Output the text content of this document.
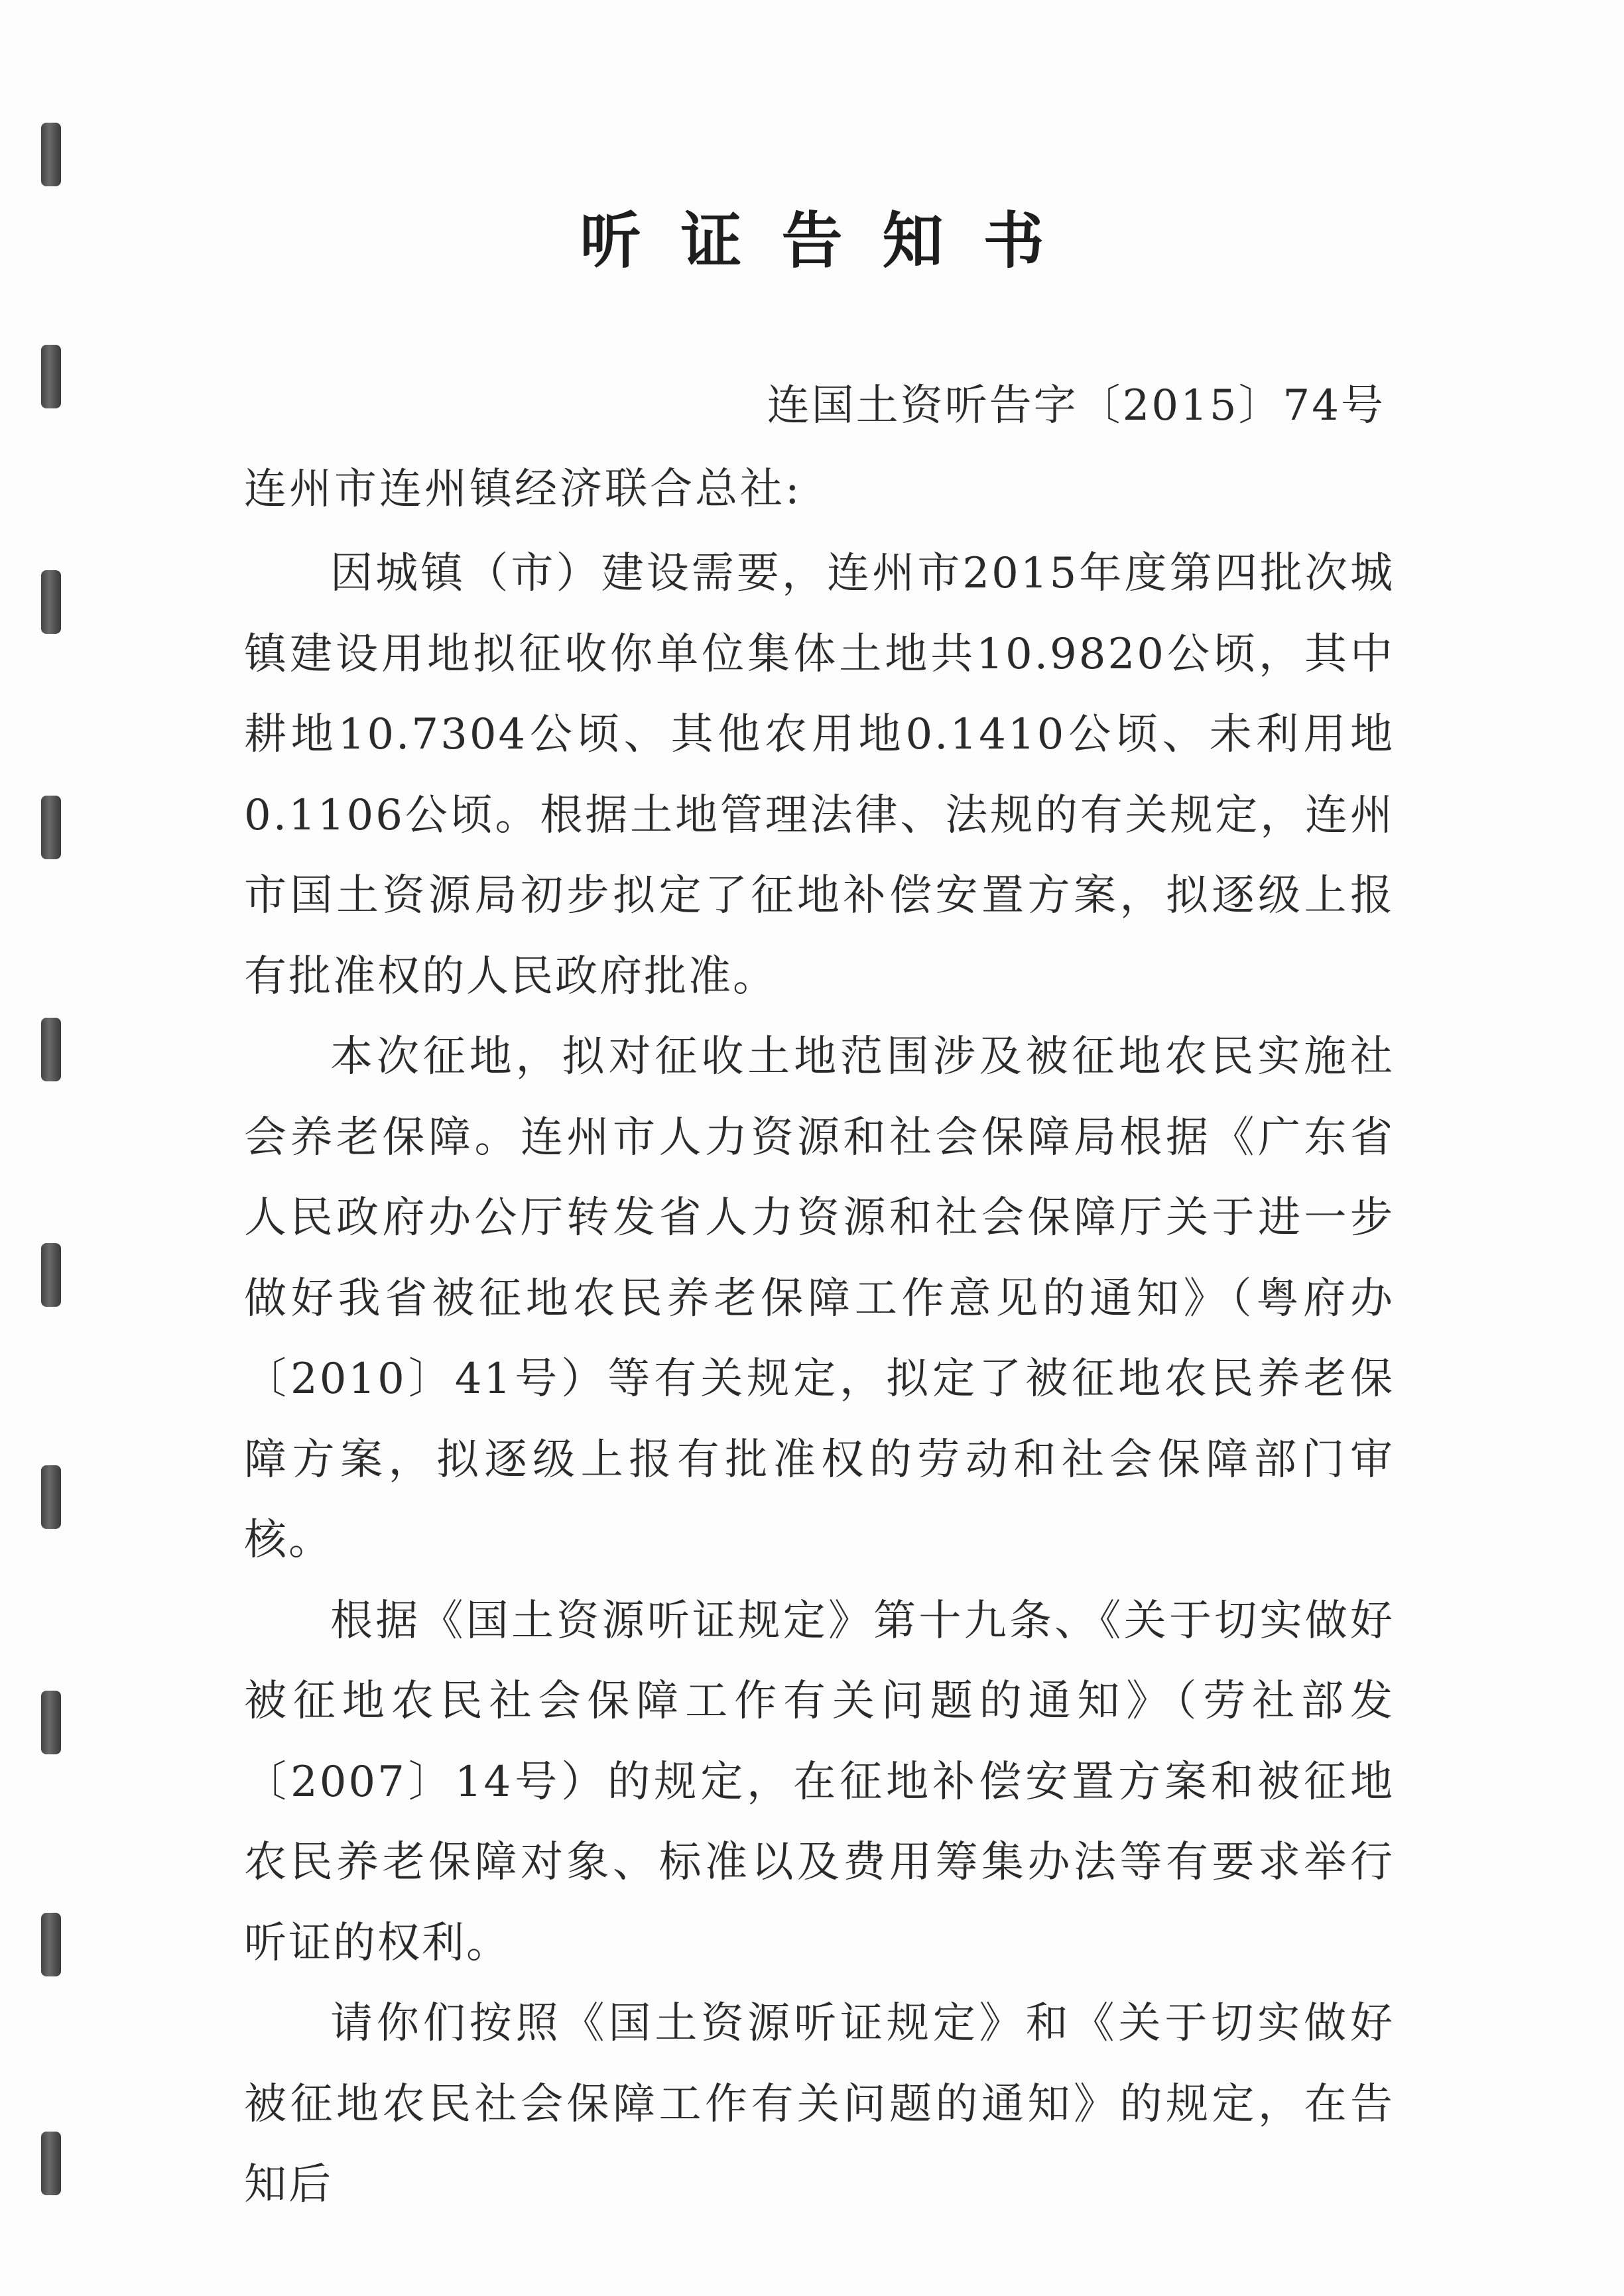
听证告知书
连国土资听告字〔2015〕74号
连州市连州镇经济联合总社:

因城镇（市）建设需要，连州市2015年度第四批次城镇建设用地拟征收你单位集体土地共10.9820公顷，其中耕地10.7304公顷、其他农用地0.1410公顷、未利用地0.1106公顷。根据土地管理法律、法规的有关规定，连州市国土资源局初步拟定了征地补偿安置方案，拟逐级上报有批准权的人民政府批准。

本次征地，拟对征收土地范围涉及被征地农民实施社会养老保障。连州市人力资源和社会保障局根据《广东省人民政府办公厅转发省人力资源和社会保障厅关于进一步做好我省被征地农民养老保障工作意见的通知》（粤府办〔2010〕41号）等有关规定，拟定了被征地农民养老保障方案，拟逐级上报有批准权的劳动和社会保障部门审核。

根据《国土资源听证规定》第十九条、《关于切实做好被征地农民社会保障工作有关问题的通知》（劳社部发〔2007〕14号）的规定，在征地补偿安置方案和被征地农民养老保障对象、标准以及费用筹集办法等有要求举行听证的权利。

请你们按照《国土资源听证规定》和《关于切实做好被征地农民社会保障工作有关问题的通知》的规定，在告知后
